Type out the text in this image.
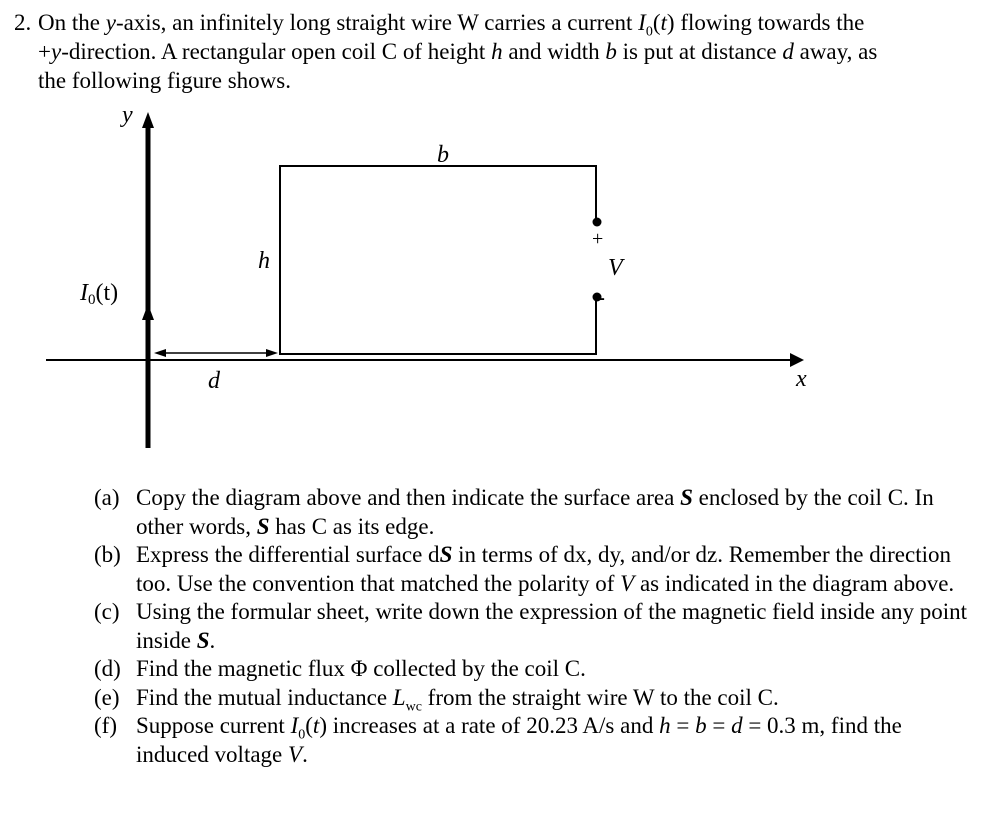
2. On the y-axis, an infinitely long straight wire W carries a current $I_0(t)$ flowing towards the
+y-direction. A rectangular open coil C of height h and width b is put at distance d away, as
the following figure shows.
x
y
I0(t)
d
+
-
V
b
h
(a) Copy the diagram above and then indicate the surface area S enclosed by the coil C. In other words, S has C as its edge.
(b) Express the differential surface dS in terms of dx, dy, and/or dz. Remember the direction too. Use the convention that matched the polarity of V as indicated in the diagram above.
(c) Using the formular sheet, write down the expression of the magnetic field inside any point inside S.
(d) Find the magnetic flux Φ collected by the coil C.
(e) Find the mutual inductance $L_{wc}$ from the straight wire W to the coil C.
(f) Suppose current $I_0(t)$ increases at a rate of 20.23 A/s and h = b = d = 0.3 m, find the induced voltage V.
